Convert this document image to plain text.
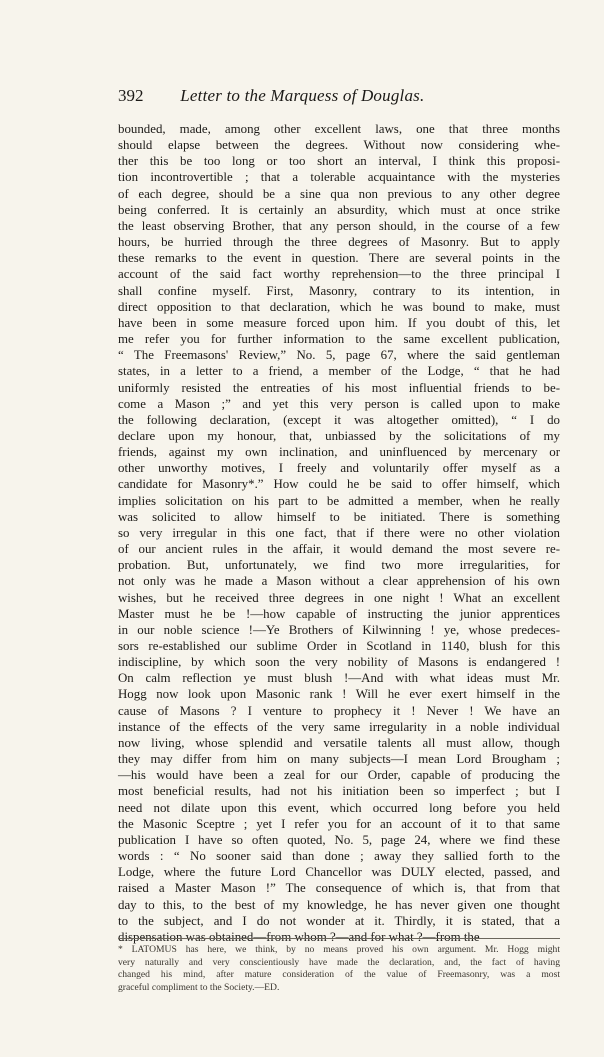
392 Letter to the Marquess of Douglas.
bounded, made, among other excellent laws, one that three months
should elapse between the degrees. Without now considering whe-
ther this be too long or too short an interval, I think this proposi-
tion incontrovertible ; that a tolerable acquaintance with the mysteries
of each degree, should be a sine qua non previous to any other degree
being conferred. It is certainly an absurdity, which must at once strike
the least observing Brother, that any person should, in the course of a few
hours, be hurried through the three degrees of Masonry. But to apply
these remarks to the event in question. There are several points in the
account of the said fact worthy reprehension—to the three principal I
shall confine myself. First, Masonry, contrary to its intention, in
direct opposition to that declaration, which he was bound to make, must
have been in some measure forced upon him. If you doubt of this, let
me refer you for further information to the same excellent publication,
“ The Freemasons' Review,” No. 5, page 67, where the said gentleman
states, in a letter to a friend, a member of the Lodge, “ that he had
uniformly resisted the entreaties of his most influential friends to be-
come a Mason ;” and yet this very person is called upon to make
the following declaration, (except it was altogether omitted), “ I do
declare upon my honour, that, unbiassed by the solicitations of my
friends, against my own inclination, and uninfluenced by mercenary or
other unworthy motives, I freely and voluntarily offer myself as a
candidate for Masonry*.” How could he be said to offer himself, which
implies solicitation on his part to be admitted a member, when he really
was solicited to allow himself to be initiated. There is something
so very irregular in this one fact, that if there were no other violation
of our ancient rules in the affair, it would demand the most severe re-
probation. But, unfortunately, we find two more irregularities, for
not only was he made a Mason without a clear apprehension of his own
wishes, but he received three degrees in one night ! What an excellent
Master must he be !—how capable of instructing the junior apprentices
in our noble science !—Ye Brothers of Kilwinning ! ye, whose predeces-
sors re-established our sublime Order in Scotland in 1140, blush for this
indiscipline, by which soon the very nobility of Masons is endangered !
On calm reflection ye must blush !—And with what ideas must Mr.
Hogg now look upon Masonic rank ! Will he ever exert himself in the
cause of Masons ? I venture to prophecy it ! Never ! We have an
instance of the effects of the very same irregularity in a noble individual
now living, whose splendid and versatile talents all must allow, though
they may differ from him on many subjects—I mean Lord Brougham ;
—his would have been a zeal for our Order, capable of producing the
most beneficial results, had not his initiation been so imperfect ; but I
need not dilate upon this event, which occurred long before you held
the Masonic Sceptre ; yet I refer you for an account of it to that same
publication I have so often quoted, No. 5, page 24, where we find these
words : “ No sooner said than done ; away they sallied forth to the
Lodge, where the future Lord Chancellor was DULY elected, passed, and
raised a Master Mason !” The consequence of which is, that from that
day to this, to the best of my knowledge, he has never given one thought
to the subject, and I do not wonder at it. Thirdly, it is stated, that a
dispensation was obtained—from whom ?—and for what ?—from the
* LATOMUS has here, we think, by no means proved his own argument. Mr. Hogg might
very naturally and very conscientiously have made the declaration, and, the fact of having
changed his mind, after mature consideration of the value of Freemasonry, was a most
graceful compliment to the Society.—ED.
